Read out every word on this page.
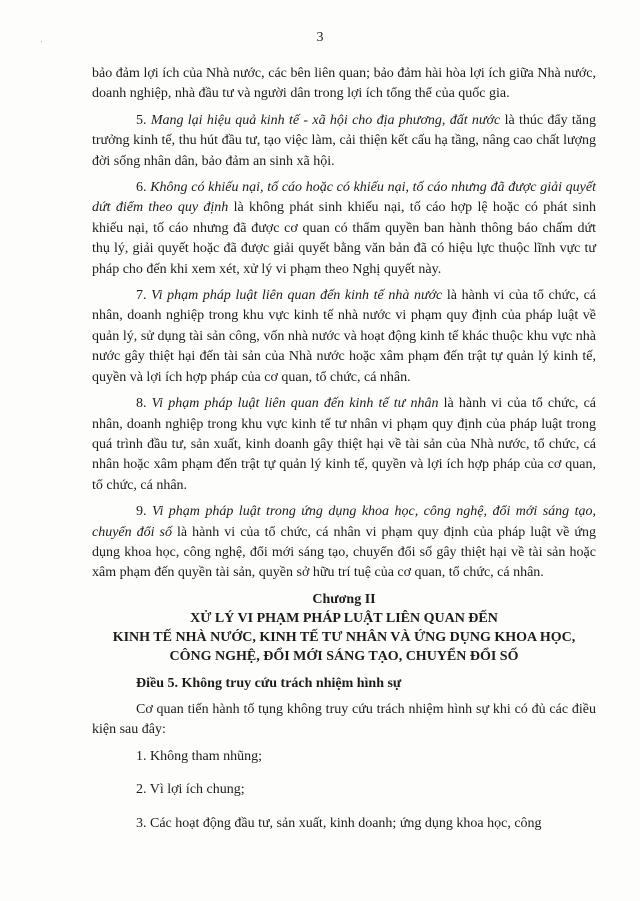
'	3

bảo đảm lợi ích của Nhà nước, các bên liên quan; bảo đảm hài hòa lợi ích giữa Nhà nước, doanh nghiệp, nhà đầu tư và người dân trong lợi ích tổng thể của quốc gia.

5. Mang lại hiệu quả kinh tế - xã hội cho địa phương, đất nước là thúc đẩy tăng trưởng kinh tế, thu hút đầu tư, tạo việc làm, cải thiện kết cấu hạ tầng, nâng cao chất lượng đời sống nhân dân, bảo đảm an sinh xã hội.

6. Không có khiếu nại, tố cáo hoặc có khiếu nại, tố cáo nhưng đã được giải quyết dứt điểm theo quy định là không phát sinh khiếu nại, tố cáo hợp lệ hoặc có phát sinh khiếu nại, tố cáo nhưng đã được cơ quan có thẩm quyền ban hành thông báo chấm dứt thụ lý, giải quyết hoặc đã được giải quyết bằng văn bản đã có hiệu lực thuộc lĩnh vực tư pháp cho đến khi xem xét, xử lý vi phạm theo Nghị quyết này.

7. Vi phạm pháp luật liên quan đến kinh tế nhà nước là hành vi của tổ chức, cá nhân, doanh nghiệp trong khu vực kinh tế nhà nước vi phạm quy định của pháp luật về quản lý, sử dụng tài sản công, vốn nhà nước và hoạt động kinh tế khác thuộc khu vực nhà nước gây thiệt hại đến tài sản của Nhà nước hoặc xâm phạm đến trật tự quản lý kinh tế, quyền và lợi ích hợp pháp của cơ quan, tổ chức, cá nhân.

8. Vi phạm pháp luật liên quan đến kinh tế tư nhân là hành vi của tổ chức, cá nhân, doanh nghiệp trong khu vực kinh tế tư nhân vi phạm quy định của pháp luật trong quá trình đầu tư, sản xuất, kinh doanh gây thiệt hại về tài sản của Nhà nước, tổ chức, cá nhân hoặc xâm phạm đến trật tự quản lý kinh tế, quyền và lợi ích hợp pháp của cơ quan, tổ chức, cá nhân.

9. Vi phạm pháp luật trong ứng dụng khoa học, công nghệ, đổi mới sáng tạo, chuyển đổi số là hành vi của tổ chức, cá nhân vi phạm quy định của pháp luật về ứng dụng khoa học, công nghệ, đổi mới sáng tạo, chuyển đổi số gây thiệt hại về tài sản hoặc xâm phạm đến quyền tài sản, quyền sở hữu trí tuệ của cơ quan, tổ chức, cá nhân.

Chương II
XỬ LÝ VI PHẠM PHÁP LUẬT LIÊN QUAN ĐẾN
KINH TẾ NHÀ NƯỚC, KINH TẾ TƯ NHÂN VÀ ỨNG DỤNG KHOA HỌC,
CÔNG NGHỆ, ĐỔI MỚI SÁNG TẠO, CHUYỂN ĐỔI SỐ

Điều 5. Không truy cứu trách nhiệm hình sự

Cơ quan tiến hành tố tụng không truy cứu trách nhiệm hình sự khi có đủ các điều kiện sau đây:

1. Không tham nhũng;

2. Vì lợi ích chung;

3. Các hoạt động đầu tư, sản xuất, kinh doanh; ứng dụng khoa học, công
